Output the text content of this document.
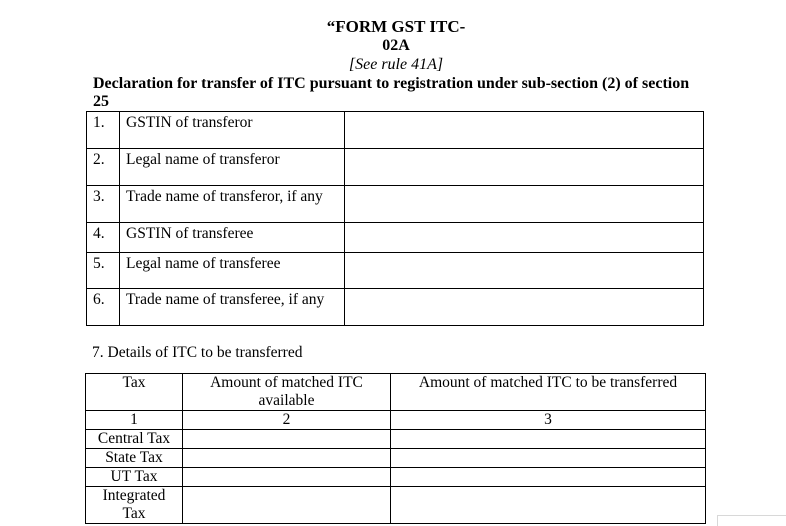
“FORM GST ITC-
02A
[See rule 41A]
Declaration for transfer of ITC pursuant to registration under sub-section (2) of section 25
1.	GSTIN of transferor	
2.	Legal name of transferor	
3.	Trade name of transferor, if any	
4.	GSTIN of transferee	
5.	Legal name of transferee	
6.	Trade name of transferee, if any	
7. Details of ITC to be transferred
Tax	Amount of matched ITC available	Amount of matched ITC to be transferred
1	2	3
Central Tax		
State Tax		
UT Tax		
Integrated Tax		
